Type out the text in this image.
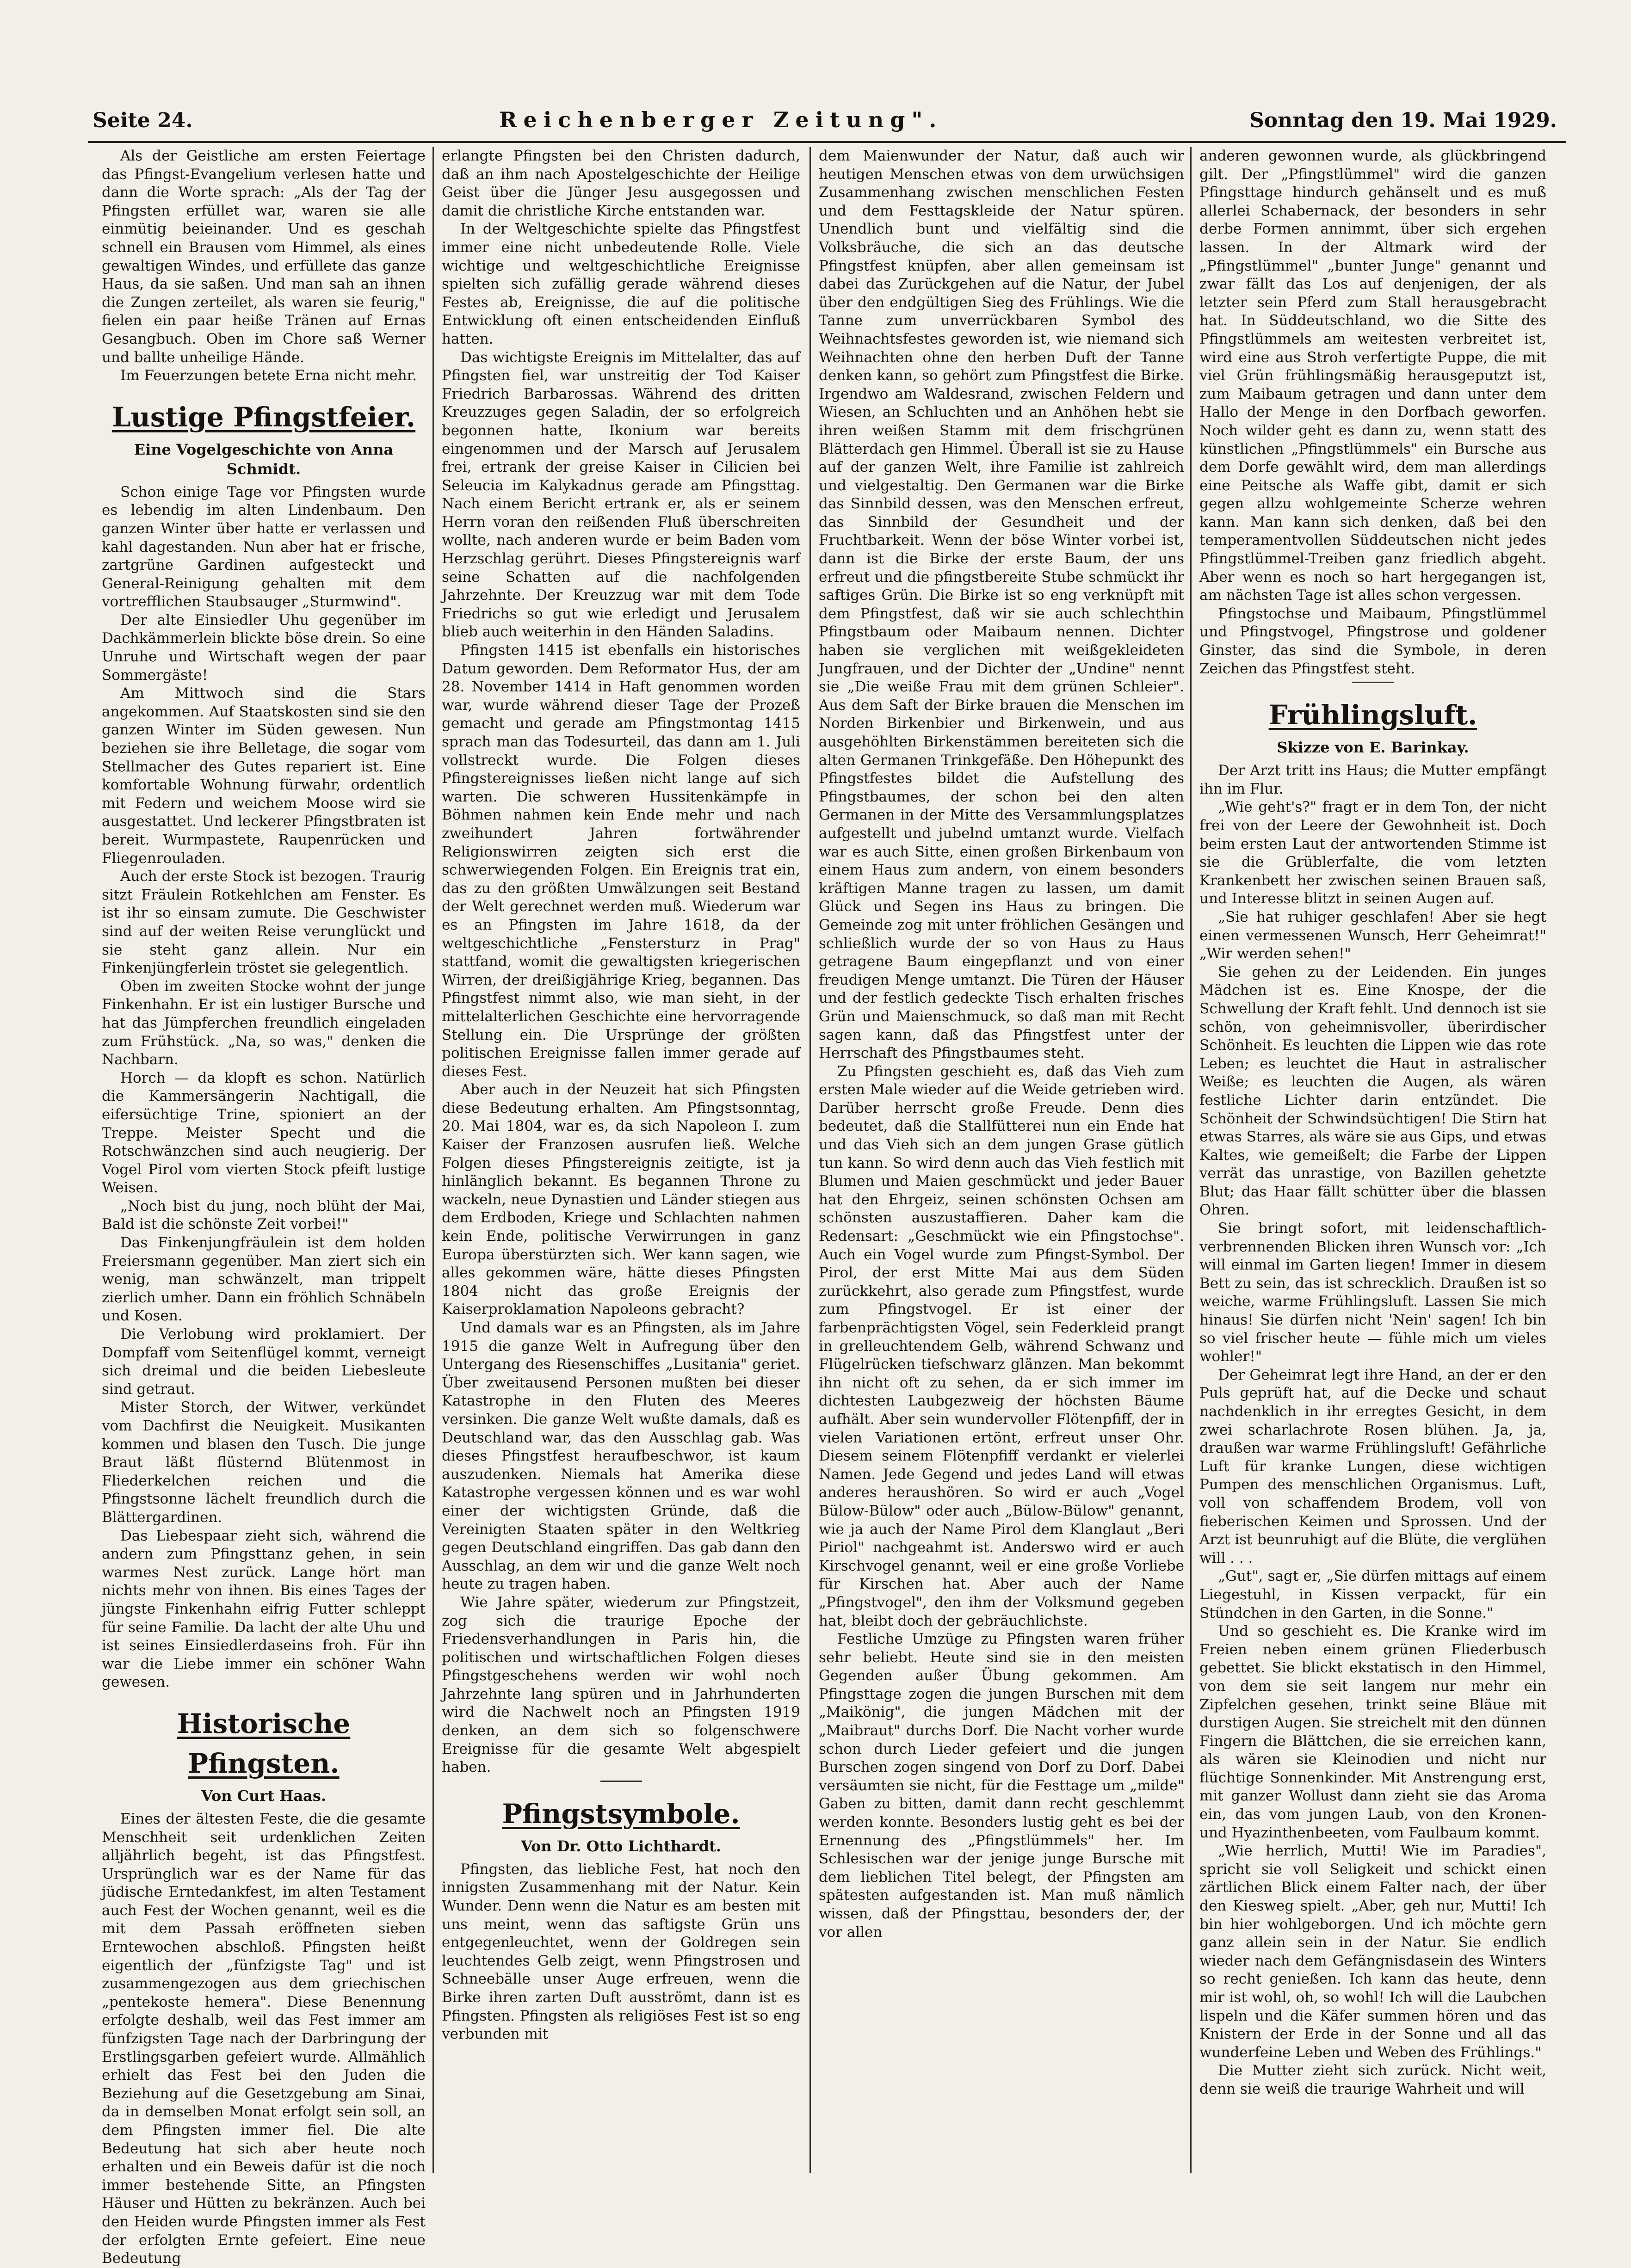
Seite 24.	Reichenberger Zeitung".	Sonntag den 19. Mai 1929.

Als der Geistliche am ersten Feiertage das Pfingst-Evangelium verlesen hatte und dann die Worte sprach: „Als der Tag der Pfingsten erfüllet war, waren sie alle einmütig beieinander. Und es geschah schnell ein Brausen vom Himmel, als eines gewaltigen Windes, und erfüllete das ganze Haus, da sie saßen. Und man sah an ihnen die Zungen zerteilet, als waren sie feurig," fielen ein paar heiße Tränen auf Ernas Gesangbuch. Oben im Chore saß Werner und ballte unheilige Hände.

Im Feuerzungen betete Erna nicht mehr.

Lustige Pfingstfeier.
Eine Vogelgeschichte von Anna Schmidt.

Schon einige Tage vor Pfingsten wurde es lebendig im alten Lindenbaum. Den ganzen Winter über hatte er verlassen und kahl dagestanden. Nun aber hat er frische, zartgrüne Gardinen aufgesteckt und General-Reinigung gehalten mit dem vortrefflichen Staubsauger „Sturmwind".

Der alte Einsiedler Uhu gegenüber im Dachkämmerlein blickte böse drein. So eine Unruhe und Wirtschaft wegen der paar Sommergäste!

Am Mittwoch sind die Stars angekommen. Auf Staatskosten sind sie den ganzen Winter im Süden gewesen. Nun beziehen sie ihre Belletage, die sogar vom Stellmacher des Gutes repariert ist. Eine komfortable Wohnung fürwahr, ordentlich mit Federn und weichem Moose wird sie ausgestattet. Und leckerer Pfingstbraten ist bereit. Wurmpastete, Raupenrücken und Fliegenrouladen.

Auch der erste Stock ist bezogen. Traurig sitzt Fräulein Rotkehlchen am Fenster. Es ist ihr so einsam zumute. Die Geschwister sind auf der weiten Reise verunglückt und sie steht ganz allein. Nur ein Finkenjüngferlein tröstet sie gelegentlich.

Oben im zweiten Stocke wohnt der junge Finkenhahn. Er ist ein lustiger Bursche und hat das Jümpferchen freundlich eingeladen zum Frühstück. „Na, so was," denken die Nachbarn.

Horch — da klopft es schon. Natürlich die Kammersängerin Nachtigall, die eifersüchtige Trine, spioniert an der Treppe. Meister Specht und die Rotschwänzchen sind auch neugierig. Der Vogel Pirol vom vierten Stock pfeift lustige Weisen.

„Noch bist du jung, noch blüht der Mai, Bald ist die schönste Zeit vorbei!"

Das Finkenjungfräulein ist dem holden Freiersmann gegenüber. Man ziert sich ein wenig, man schwänzelt, man trippelt zierlich umher. Dann ein fröhlich Schnäbeln und Kosen.

Die Verlobung wird proklamiert. Der Dompfaff vom Seitenflügel kommt, verneigt sich dreimal und die beiden Liebesleute sind getraut.

Mister Storch, der Witwer, verkündet vom Dachfirst die Neuigkeit. Musikanten kommen und blasen den Tusch. Die junge Braut läßt flüsternd Blütenmost in Fliederkelchen reichen und die Pfingstsonne lächelt freundlich durch die Blättergardinen.

Das Liebespaar zieht sich, während die andern zum Pfingsttanz gehen, in sein warmes Nest zurück. Lange hört man nichts mehr von ihnen. Bis eines Tages der jüngste Finkenhahn eifrig Futter schleppt für seine Familie. Da lacht der alte Uhu und ist seines Einsiedlerdaseins froh. Für ihn war die Liebe immer ein schöner Wahn gewesen.

Historische Pfingsten.
Von Curt Haas.

Eines der ältesten Feste, die die gesamte Menschheit seit urdenklichen Zeiten alljährlich begeht, ist das Pfingstfest. Ursprünglich war es der Name für das jüdische Erntedankfest, im alten Testament auch Fest der Wochen genannt, weil es die mit dem Passah eröffneten sieben Erntewochen abschloß. Pfingsten heißt eigentlich der „fünfzigste Tag" und ist zusammengezogen aus dem griechischen „pentekoste hemera". Diese Benennung erfolgte deshalb, weil das Fest immer am fünfzigsten Tage nach der Darbringung der Erstlingsgarben gefeiert wurde. Allmählich erhielt das Fest bei den Juden die Beziehung auf die Gesetzgebung am Sinai, da in demselben Monat erfolgt sein soll, an dem Pfingsten immer fiel. Die alte Bedeutung hat sich aber heute noch erhalten und ein Beweis dafür ist die noch immer bestehende Sitte, an Pfingsten Häuser und Hütten zu bekränzen. Auch bei den Heiden wurde Pfingsten immer als Fest der erfolgten Ernte gefeiert. Eine neue Bedeutung

erlangte Pfingsten bei den Christen dadurch, daß an ihm nach Apostelgeschichte der Heilige Geist über die Jünger Jesu ausgegossen und damit die christliche Kirche entstanden war.

In der Weltgeschichte spielte das Pfingstfest immer eine nicht unbedeutende Rolle. Viele wichtige und weltgeschichtliche Ereignisse spielten sich zufällig gerade während dieses Festes ab, Ereignisse, die auf die politische Entwicklung oft einen entscheidenden Einfluß hatten.

Das wichtigste Ereignis im Mittelalter, das auf Pfingsten fiel, war unstreitig der Tod Kaiser Friedrich Barbarossas. Während des dritten Kreuzzuges gegen Saladin, der so erfolgreich begonnen hatte, Ikonium war bereits eingenommen und der Marsch auf Jerusalem frei, ertrank der greise Kaiser in Cilicien bei Seleucia im Kalykadnus gerade am Pfingsttag. Nach einem Bericht ertrank er, als er seinem Herrn voran den reißenden Fluß überschreiten wollte, nach anderen wurde er beim Baden vom Herzschlag gerührt. Dieses Pfingstereignis warf seine Schatten auf die nachfolgenden Jahrzehnte. Der Kreuzzug war mit dem Tode Friedrichs so gut wie erledigt und Jerusalem blieb auch weiterhin in den Händen Saladins.

Pfingsten 1415 ist ebenfalls ein historisches Datum geworden. Dem Reformator Hus, der am 28. November 1414 in Haft genommen worden war, wurde während dieser Tage der Prozeß gemacht und gerade am Pfingstmontag 1415 sprach man das Todesurteil, das dann am 1. Juli vollstreckt wurde. Die Folgen dieses Pfingstereignisses ließen nicht lange auf sich warten. Die schweren Hussitenkämpfe in Böhmen nahmen kein Ende mehr und nach zweihundert Jahren fortwährender Religionswirren zeigten sich erst die schwerwiegenden Folgen. Ein Ereignis trat ein, das zu den größten Umwälzungen seit Bestand der Welt gerechnet werden muß. Wiederum war es an Pfingsten im Jahre 1618, da der weltgeschichtliche „Fenstersturz in Prag" stattfand, womit die gewaltigsten kriegerischen Wirren, der dreißigjährige Krieg, begannen. Das Pfingstfest nimmt also, wie man sieht, in der mittelalterlichen Geschichte eine hervorragende Stellung ein. Die Ursprünge der größten politischen Ereignisse fallen immer gerade auf dieses Fest.

Aber auch in der Neuzeit hat sich Pfingsten diese Bedeutung erhalten. Am Pfingstsonntag, 20. Mai 1804, war es, da sich Napoleon I. zum Kaiser der Franzosen ausrufen ließ. Welche Folgen dieses Pfingstereignis zeitigte, ist ja hinlänglich bekannt. Es begannen Throne zu wackeln, neue Dynastien und Länder stiegen aus dem Erdboden, Kriege und Schlachten nahmen kein Ende, politische Verwirrungen in ganz Europa überstürzten sich. Wer kann sagen, wie alles gekommen wäre, hätte dieses Pfingsten 1804 nicht das große Ereignis der Kaiserproklamation Napoleons gebracht?

Und damals war es an Pfingsten, als im Jahre 1915 die ganze Welt in Aufregung über den Untergang des Riesenschiffes „Lusitania" geriet. Über zweitausend Personen mußten bei dieser Katastrophe in den Fluten des Meeres versinken. Die ganze Welt wußte damals, daß es Deutschland war, das den Ausschlag gab. Was dieses Pfingstfest heraufbeschwor, ist kaum auszudenken. Niemals hat Amerika diese Katastrophe vergessen können und es war wohl einer der wichtigsten Gründe, daß die Vereinigten Staaten später in den Weltkrieg gegen Deutschland eingriffen. Das gab dann den Ausschlag, an dem wir und die ganze Welt noch heute zu tragen haben.

Wie Jahre später, wiederum zur Pfingstzeit, zog sich die traurige Epoche der Friedensverhandlungen in Paris hin, die politischen und wirtschaftlichen Folgen dieses Pfingstgeschehens werden wir wohl noch Jahrzehnte lang spüren und in Jahrhunderten wird die Nachwelt noch an Pfingsten 1919 denken, an dem sich so folgenschwere Ereignisse für die gesamte Welt abgespielt haben.

Pfingstsymbole.
Von Dr. Otto Lichthardt.

Pfingsten, das liebliche Fest, hat noch den innigsten Zusammenhang mit der Natur. Kein Wunder. Denn wenn die Natur es am besten mit uns meint, wenn das saftigste Grün uns entgegenleuchtet, wenn der Goldregen sein leuchtendes Gelb zeigt, wenn Pfingstrosen und Schneebälle unser Auge erfreuen, wenn die Birke ihren zarten Duft ausströmt, dann ist es Pfingsten. Pfingsten als religiöses Fest ist so eng verbunden mit

dem Maienwunder der Natur, daß auch wir heutigen Menschen etwas von dem urwüchsigen Zusammenhang zwischen menschlichen Festen und dem Festtagskleide der Natur spüren. Unendlich bunt und vielfältig sind die Volksbräuche, die sich an das deutsche Pfingstfest knüpfen, aber allen gemeinsam ist dabei das Zurückgehen auf die Natur, der Jubel über den endgültigen Sieg des Frühlings. Wie die Tanne zum unverrückbaren Symbol des Weihnachtsfestes geworden ist, wie niemand sich Weihnachten ohne den herben Duft der Tanne denken kann, so gehört zum Pfingstfest die Birke. Irgendwo am Waldesrand, zwischen Feldern und Wiesen, an Schluchten und an Anhöhen hebt sie ihren weißen Stamm mit dem frischgrünen Blätterdach gen Himmel. Überall ist sie zu Hause auf der ganzen Welt, ihre Familie ist zahlreich und vielgestaltig. Den Germanen war die Birke das Sinnbild dessen, was den Menschen erfreut, das Sinnbild der Gesundheit und der Fruchtbarkeit. Wenn der böse Winter vorbei ist, dann ist die Birke der erste Baum, der uns erfreut und die pfingstbereite Stube schmückt ihr saftiges Grün. Die Birke ist so eng verknüpft mit dem Pfingstfest, daß wir sie auch schlechthin Pfingstbaum oder Maibaum nennen. Dichter haben sie verglichen mit weißgekleideten Jungfrauen, und der Dichter der „Undine" nennt sie „Die weiße Frau mit dem grünen Schleier". Aus dem Saft der Birke brauen die Menschen im Norden Birkenbier und Birkenwein, und aus ausgehöhlten Birkenstämmen bereiteten sich die alten Germanen Trinkgefäße. Den Höhepunkt des Pfingstfestes bildet die Aufstellung des Pfingstbaumes, der schon bei den alten Germanen in der Mitte des Versammlungsplatzes aufgestellt und jubelnd umtanzt wurde. Vielfach war es auch Sitte, einen großen Birkenbaum von einem Haus zum andern, von einem besonders kräftigen Manne tragen zu lassen, um damit Glück und Segen ins Haus zu bringen. Die Gemeinde zog mit unter fröhlichen Gesängen und schließlich wurde der so von Haus zu Haus getragene Baum eingepflanzt und von einer freudigen Menge umtanzt. Die Türen der Häuser und der festlich gedeckte Tisch erhalten frisches Grün und Maienschmuck, so daß man mit Recht sagen kann, daß das Pfingstfest unter der Herrschaft des Pfingstbaumes steht.

Zu Pfingsten geschieht es, daß das Vieh zum ersten Male wieder auf die Weide getrieben wird. Darüber herrscht große Freude. Denn dies bedeutet, daß die Stallfütterei nun ein Ende hat und das Vieh sich an dem jungen Grase gütlich tun kann. So wird denn auch das Vieh festlich mit Blumen und Maien geschmückt und jeder Bauer hat den Ehrgeiz, seinen schönsten Ochsen am schönsten auszustaffieren. Daher kam die Redensart: „Geschmückt wie ein Pfingstochse". Auch ein Vogel wurde zum Pfingst-Symbol. Der Pirol, der erst Mitte Mai aus dem Süden zurückkehrt, also gerade zum Pfingstfest, wurde zum Pfingstvogel. Er ist einer der farbenprächtigsten Vögel, sein Federkleid prangt in grelleuchtendem Gelb, während Schwanz und Flügelrücken tiefschwarz glänzen. Man bekommt ihn nicht oft zu sehen, da er sich immer im dichtesten Laubgezweig der höchsten Bäume aufhält. Aber sein wundervoller Flötenpfiff, der in vielen Variationen ertönt, erfreut unser Ohr. Diesem seinem Flötenpfiff verdankt er vielerlei Namen. Jede Gegend und jedes Land will etwas anderes heraushören. So wird er auch „Vogel Bülow-Bülow" oder auch „Bülow-Bülow" genannt, wie ja auch der Name Pirol dem Klanglaut „Beri Piriol" nachgeahmt ist. Anderswo wird er auch Kirschvogel genannt, weil er eine große Vorliebe für Kirschen hat. Aber auch der Name „Pfingstvogel", den ihm der Volksmund gegeben hat, bleibt doch der gebräuchlichste.

Festliche Umzüge zu Pfingsten waren früher sehr beliebt. Heute sind sie in den meisten Gegenden außer Übung gekommen. Am Pfingsttage zogen die jungen Burschen mit dem „Maikönig", die jungen Mädchen mit der „Maibraut" durchs Dorf. Die Nacht vorher wurde schon durch Lieder gefeiert und die jungen Burschen zogen singend von Dorf zu Dorf. Dabei versäumten sie nicht, für die Festtage um „milde" Gaben zu bitten, damit dann recht geschlemmt werden konnte. Besonders lustig geht es bei der Ernennung des „Pfingstlümmels" her. Im Schlesischen war der jenige junge Bursche mit dem lieblichen Titel belegt, der Pfingsten am spätesten aufgestanden ist. Man muß nämlich wissen, daß der Pfingsttau, besonders der, der vor allen

anderen gewonnen wurde, als glückbringend gilt. Der „Pfingstlümmel" wird die ganzen Pfingsttage hindurch gehänselt und es muß allerlei Schabernack, der besonders in sehr derbe Formen annimmt, über sich ergehen lassen. In der Altmark wird der „Pfingstlümmel" „bunter Junge" genannt und zwar fällt das Los auf denjenigen, der als letzter sein Pferd zum Stall herausgebracht hat. In Süddeutschland, wo die Sitte des Pfingstlümmels am weitesten verbreitet ist, wird eine aus Stroh verfertigte Puppe, die mit viel Grün frühlingsmäßig herausgeputzt ist, zum Maibaum getragen und dann unter dem Hallo der Menge in den Dorfbach geworfen. Noch wilder geht es dann zu, wenn statt des künstlichen „Pfingstlümmels" ein Bursche aus dem Dorfe gewählt wird, dem man allerdings eine Peitsche als Waffe gibt, damit er sich gegen allzu wohlgemeinte Scherze wehren kann. Man kann sich denken, daß bei den temperamentvollen Süddeutschen nicht jedes Pfingstlümmel-Treiben ganz friedlich abgeht. Aber wenn es noch so hart hergegangen ist, am nächsten Tage ist alles schon vergessen.

Pfingstochse und Maibaum, Pfingstlümmel und Pfingstvogel, Pfingstrose und goldener Ginster, das sind die Symbole, in deren Zeichen das Pfingstfest steht.

Frühlingsluft.
Skizze von E. Barinkay.

Der Arzt tritt ins Haus; die Mutter empfängt ihn im Flur.

„Wie geht's?" fragt er in dem Ton, der nicht frei von der Leere der Gewohnheit ist. Doch beim ersten Laut der antwortenden Stimme ist sie die Grüblerfalte, die vom letzten Krankenbett her zwischen seinen Brauen saß, und Interesse blitzt in seinen Augen auf.

„Sie hat ruhiger geschlafen! Aber sie hegt einen vermessenen Wunsch, Herr Geheimrat!" „Wir werden sehen!"

Sie gehen zu der Leidenden. Ein junges Mädchen ist es. Eine Knospe, der die Schwellung der Kraft fehlt. Und dennoch ist sie schön, von geheimnisvoller, überirdischer Schönheit. Es leuchten die Lippen wie das rote Leben; es leuchtet die Haut in astralischer Weiße; es leuchten die Augen, als wären festliche Lichter darin entzündet. Die Schönheit der Schwindsüchtigen! Die Stirn hat etwas Starres, als wäre sie aus Gips, und etwas Kaltes, wie gemeißelt; die Farbe der Lippen verrät das unrastige, von Bazillen gehetzte Blut; das Haar fällt schütter über die blassen Ohren.

Sie bringt sofort, mit leidenschaftlich-verbrennenden Blicken ihren Wunsch vor: „Ich will einmal im Garten liegen! Immer in diesem Bett zu sein, das ist schrecklich. Draußen ist so weiche, warme Frühlingsluft. Lassen Sie mich hinaus! Sie dürfen nicht 'Nein' sagen! Ich bin so viel frischer heute — fühle mich um vieles wohler!"

Der Geheimrat legt ihre Hand, an der er den Puls geprüft hat, auf die Decke und schaut nachdenklich in ihr erregtes Gesicht, in dem zwei scharlachrote Rosen blühen. Ja, ja, draußen war warme Frühlingsluft! Gefährliche Luft für kranke Lungen, diese wichtigen Pumpen des menschlichen Organismus. Luft, voll von schaffendem Brodem, voll von fieberischen Keimen und Sprossen. Und der Arzt ist beunruhigt auf die Blüte, die verglühen will . . .

„Gut", sagt er, „Sie dürfen mittags auf einem Liegestuhl, in Kissen verpackt, für ein Stündchen in den Garten, in die Sonne."

Und so geschieht es. Die Kranke wird im Freien neben einem grünen Fliederbusch gebettet. Sie blickt ekstatisch in den Himmel, von dem sie seit langem nur mehr ein Zipfelchen gesehen, trinkt seine Bläue mit durstigen Augen. Sie streichelt mit den dünnen Fingern die Blättchen, die sie erreichen kann, als wären sie Kleinodien und nicht nur flüchtige Sonnenkinder. Mit Anstrengung erst, mit ganzer Wollust dann zieht sie das Aroma ein, das vom jungen Laub, von den Kronen- und Hyazinthenbeeten, vom Faulbaum kommt.

„Wie herrlich, Mutti! Wie im Paradies", spricht sie voll Seligkeit und schickt einen zärtlichen Blick einem Falter nach, der über den Kiesweg spielt. „Aber, geh nur, Mutti! Ich bin hier wohlgeborgen. Und ich möchte gern ganz allein sein in der Natur. Sie endlich wieder nach dem Gefängnisdasein des Winters so recht genießen. Ich kann das heute, denn mir ist wohl, oh, so wohl! Ich will die Laubchen lispeln und die Käfer summen hören und das Knistern der Erde in der Sonne und all das wunderfeine Leben und Weben des Frühlings."

Die Mutter zieht sich zurück. Nicht weit, denn sie weiß die traurige Wahrheit und will
